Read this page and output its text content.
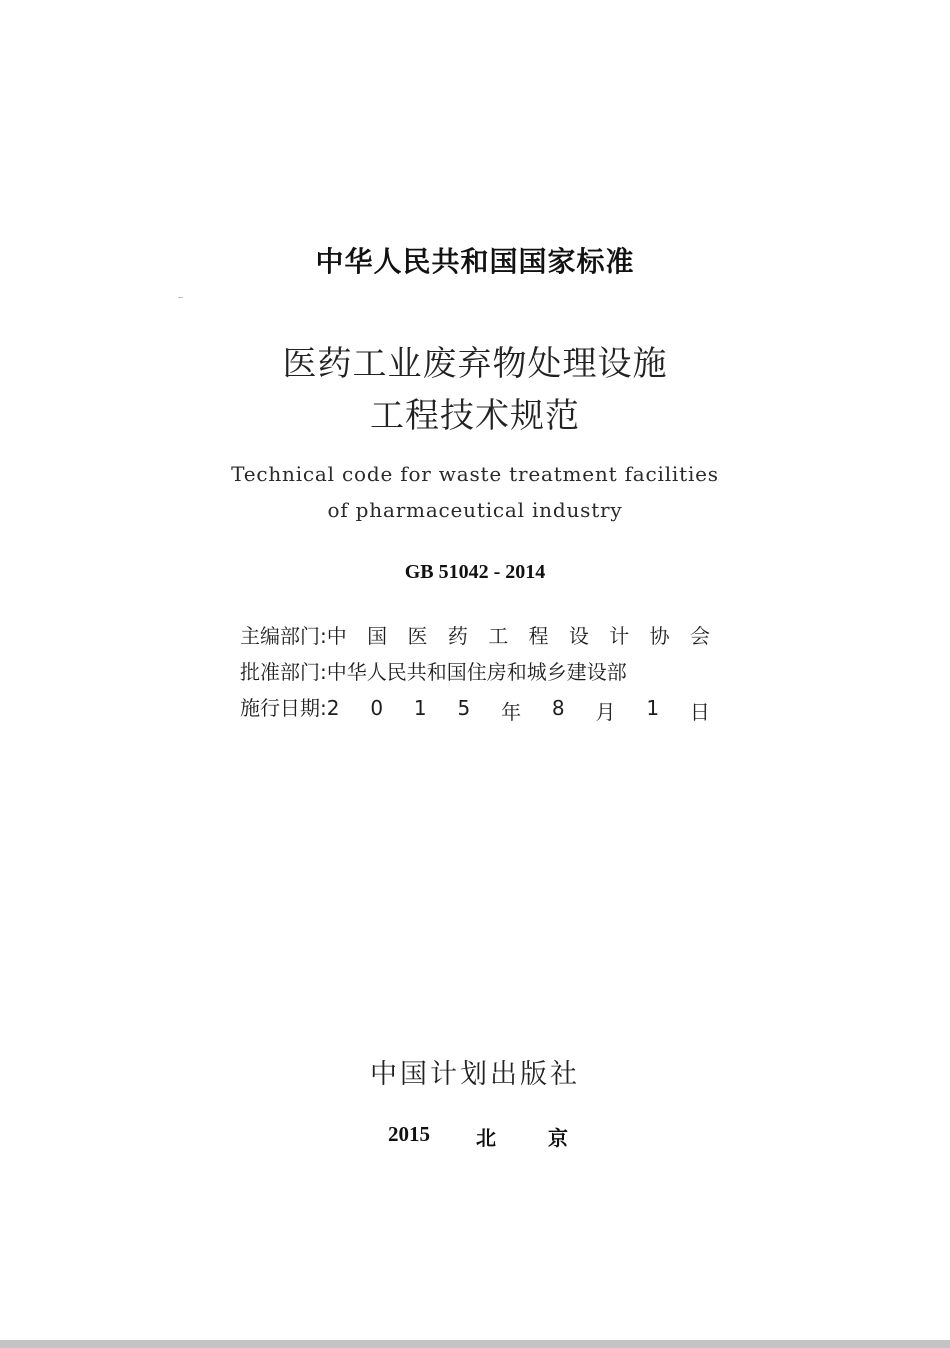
中华人民共和国国家标准
医药工业废弃物处理设施
工程技术规范
Technical code for waste treatment facilities
of pharmaceutical industry
GB 51042 - 2014
主编部门: 中 国 医 药 工 程 设 计 协 会
批准部门: 中华人民共和国住房和城乡建设部
施行日期: 2 0 1 5 年 8 月 1 日
中国计划出版社
2015 北	京
